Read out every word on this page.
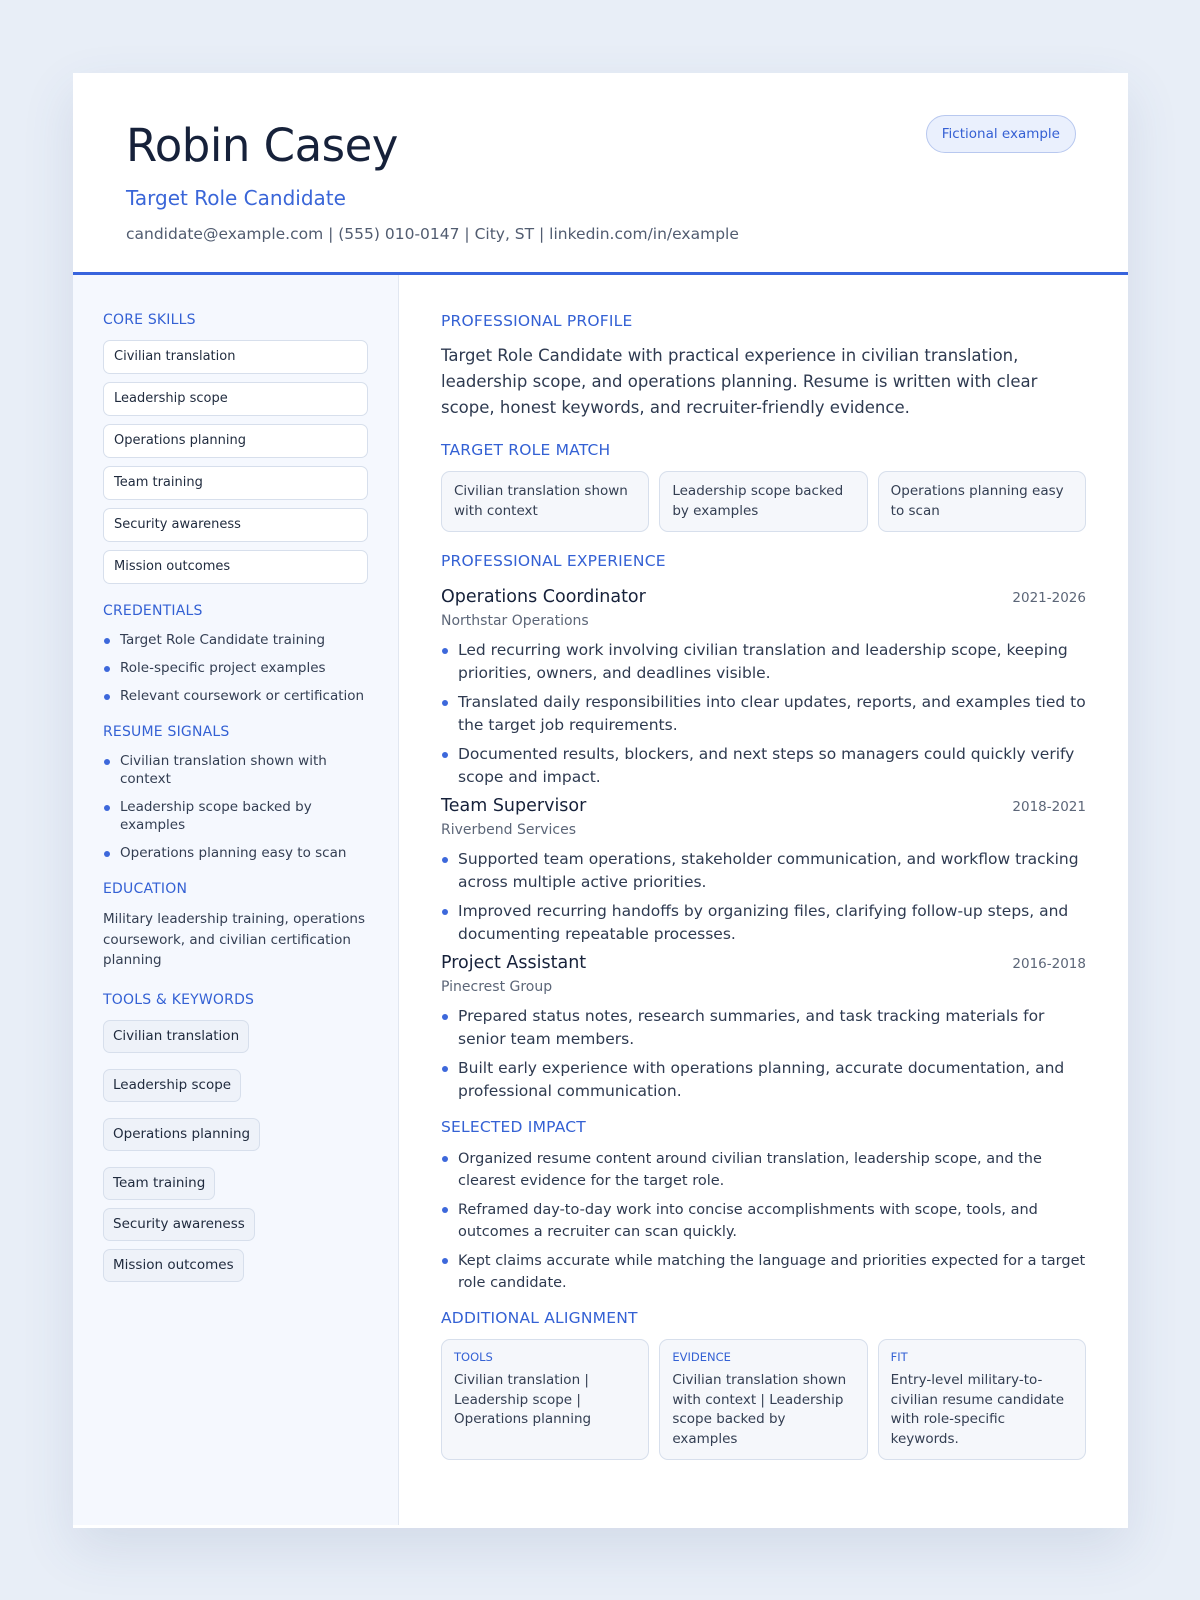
Robin Casey
Target Role Candidate
candidate@example.com | (555) 010-0147 | City, ST | linkedin.com/in/example
Fictional example
CORE SKILLS
Civilian translation
Leadership scope
Operations planning
Team training
Security awareness
Mission outcomes
CREDENTIALS
Target Role Candidate training
Role-specific project examples
Relevant coursework or certification
RESUME SIGNALS
Civilian translation shown with context
Leadership scope backed by examples
Operations planning easy to scan
EDUCATION
Military leadership training, operations coursework, and civilian certification planning
TOOLS & KEYWORDS
Civilian translation
Leadership scope
Operations planning
Team training
Security awareness
Mission outcomes
PROFESSIONAL PROFILE
Target Role Candidate with practical experience in civilian translation, leadership scope, and operations planning. Resume is written with clear scope, honest keywords, and recruiter-friendly evidence.
TARGET ROLE MATCH
Civilian translation shown with context
Leadership scope backed by examples
Operations planning easy to scan
PROFESSIONAL EXPERIENCE
Operations Coordinator	2021-2026
Northstar Operations
Led recurring work involving civilian translation and leadership scope, keeping priorities, owners, and deadlines visible.
Translated daily responsibilities into clear updates, reports, and examples tied to the target job requirements.
Documented results, blockers, and next steps so managers could quickly verify scope and impact.
Team Supervisor	2018-2021
Riverbend Services
Supported team operations, stakeholder communication, and workflow tracking across multiple active priorities.
Improved recurring handoffs by organizing files, clarifying follow-up steps, and documenting repeatable processes.
Project Assistant	2016-2018
Pinecrest Group
Prepared status notes, research summaries, and task tracking materials for senior team members.
Built early experience with operations planning, accurate documentation, and professional communication.
SELECTED IMPACT
Organized resume content around civilian translation, leadership scope, and the clearest evidence for the target role.
Reframed day-to-day work into concise accomplishments with scope, tools, and outcomes a recruiter can scan quickly.
Kept claims accurate while matching the language and priorities expected for a target role candidate.
ADDITIONAL ALIGNMENT
TOOLS
Civilian translation | Leadership scope | Operations planning
EVIDENCE
Civilian translation shown with context | Leadership scope backed by examples
FIT
Entry-level military-to-civilian resume candidate with role-specific keywords.
